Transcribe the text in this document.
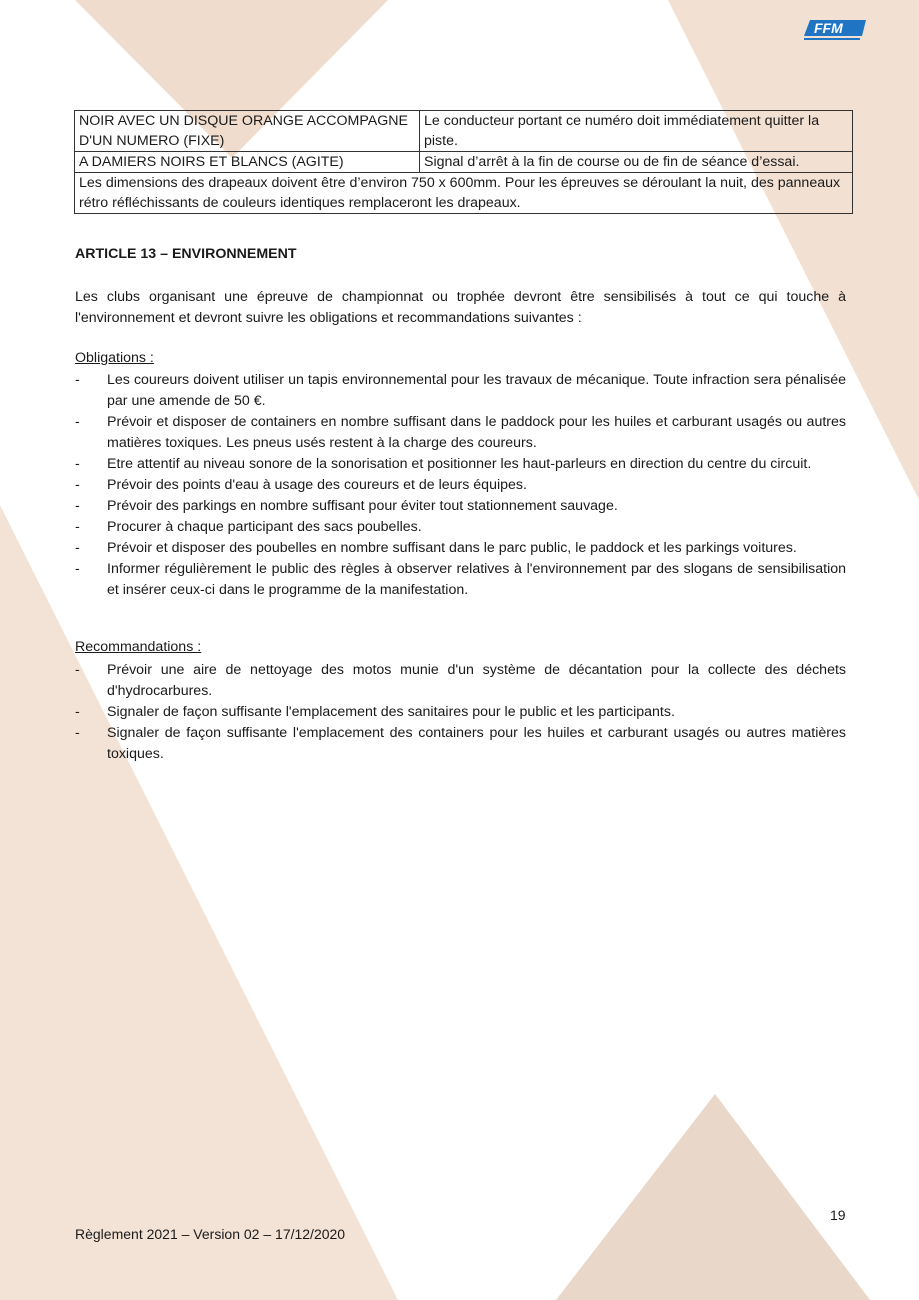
FFM
NOIR AVEC UN DISQUE ORANGE ACCOMPAGNE D'UN NUMERO (FIXE)	Le conducteur portant ce numéro doit immédiatement quitter la piste.
A DAMIERS NOIRS ET BLANCS (AGITE)	Signal d’arrêt à la fin de course ou de fin de séance d’essai.
Les dimensions des drapeaux doivent être d’environ 750 x 600mm. Pour les épreuves se déroulant la nuit, des panneaux rétro réfléchissants de couleurs identiques remplaceront les drapeaux.	
ARTICLE 13 – ENVIRONNEMENT
Les clubs organisant une épreuve de championnat ou trophée devront être sensibilisés à tout ce qui touche à l'environnement et devront suivre les obligations et recommandations suivantes :
Obligations :
- Les coureurs doivent utiliser un tapis environnemental pour les travaux de mécanique. Toute infraction sera pénalisée par une amende de 50 €.
- Prévoir et disposer de containers en nombre suffisant dans le paddock pour les huiles et carburant usagés ou autres matières toxiques. Les pneus usés restent à la charge des coureurs.
- Etre attentif au niveau sonore de la sonorisation et positionner les haut-parleurs en direction du centre du circuit.
- Prévoir des points d'eau à usage des coureurs et de leurs équipes.
- Prévoir des parkings en nombre suffisant pour éviter tout stationnement sauvage.
- Procurer à chaque participant des sacs poubelles.
- Prévoir et disposer des poubelles en nombre suffisant dans le parc public, le paddock et les parkings voitures.
- Informer régulièrement le public des règles à observer relatives à l'environnement par des slogans de sensibilisation et insérer ceux-ci dans le programme de la manifestation.
Recommandations :
- Prévoir une aire de nettoyage des motos munie d'un système de décantation pour la collecte des déchets d'hydrocarbures.
- Signaler de façon suffisante l'emplacement des sanitaires pour le public et les participants.
- Signaler de façon suffisante l'emplacement des containers pour les huiles et carburant usagés ou autres matières toxiques.
19
Règlement 2021 – Version 02 – 17/12/2020
